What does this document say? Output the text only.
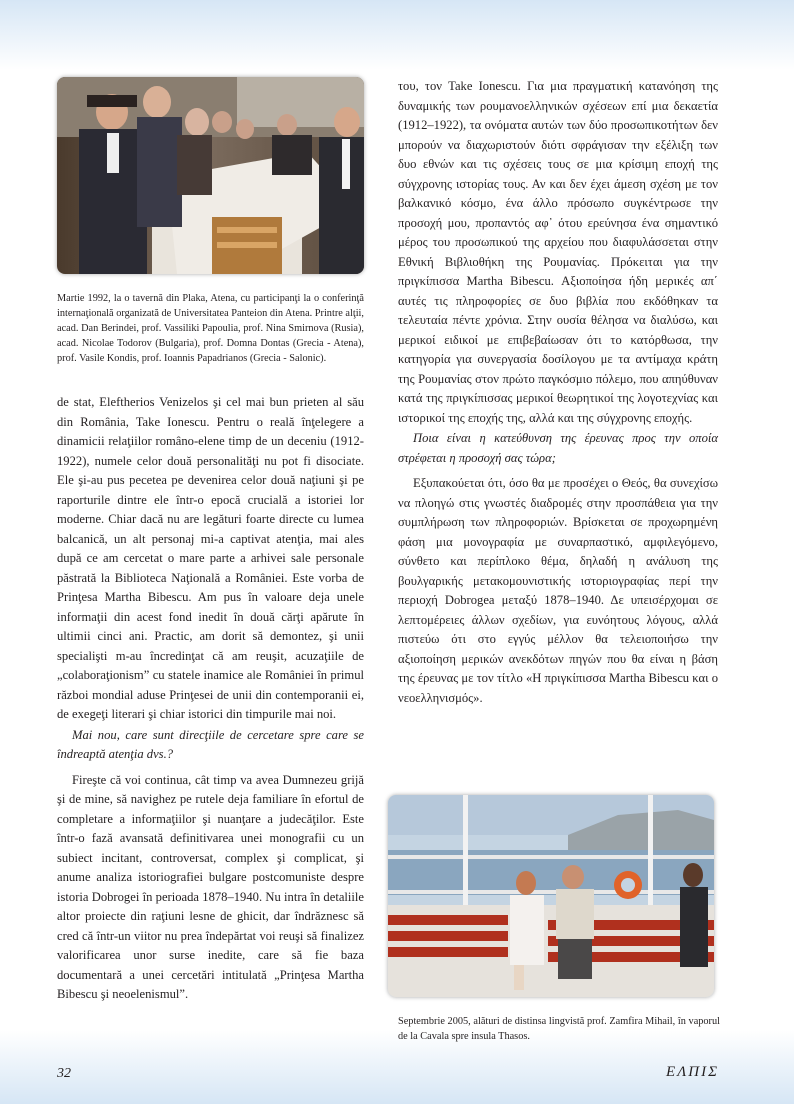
Martie 1992, la o tavernă din Plaka, Atena, cu participanţi la o conferinţă internaţională organizată de Universitatea Panteion din Atena. Printre alţii, acad. Dan Berindei, prof. Vassiliki Papoulia, prof. Nina Smirnova (Rusia), acad. Nicolae Todorov (Bulgaria), prof. Domna Dontas (Grecia - Atena), prof. Vasile Kondis, prof. Ioannis Papadrianos (Grecia - Salonic).

de stat, Eleftherios Venizelos şi cel mai bun prieten al său din România, Take Ionescu. Pentru o reală înţelegere a dinamicii relaţiilor româno-elene timp de un deceniu (1912-1922), numele celor două personalităţi nu pot fi disociate. Ele şi-au pus pecetea pe devenirea celor două naţiuni şi pe raporturile dintre ele într-o epocă crucială a istoriei lor moderne. Chiar dacă nu are legături foarte directe cu lumea balcanică, un alt personaj mi-a captivat atenţia, mai ales după ce am cercetat o mare parte a arhivei sale personale păstrată la Biblioteca Naţională a României. Este vorba de Prinţesa Martha Bibescu. Am pus în valoare deja unele informaţii din acest fond inedit în două cărţi apărute în ultimii cinci ani. Practic, am dorit să demontez, şi unii specialişti m-au încredinţat că am reuşit, acuzaţiile de „colaboraţionism” cu statele inamice ale României în primul război mondial aduse Prinţesei de unii din contemporanii ei, de exegeţi literari şi chiar istorici din timpurile mai noi.

Mai nou, care sunt direcţiile de cercetare spre care se îndreaptă atenţia dvs.?

Fireşte că voi continua, cât timp va avea Dumnezeu grijă şi de mine, să navighez pe rutele deja familiare în efortul de completare a informaţiilor şi nuanţare a judecăţilor. Este într-o fază avansată definitivarea unei monografii cu un subiect incitant, controversat, complex şi complicat, şi anume analiza istoriografiei bulgare postcomuniste despre istoria Dobrogei în perioada 1878–1940. Nu intra în detaliile altor proiecte din raţiuni lesne de ghicit, dar îndrăznesc să cred că într-un viitor nu prea îndepărtat voi reuşi să finalizez valorificarea unor surse inedite, care să fie baza documentară a unei cercetări intitulată „Prinţesa Martha Bibescu şi neoelenismul”.

του, τον Take Ionescu. Για μια πραγματική κατανόηση της δυναμικής των ρουμανοελληνικών σχέσεων επί μια δεκαετία (1912–1922), τα ονόματα αυτών των δύο προσωπικοτήτων δεν μπορούν να διαχωριστούν διότι σφράγισαν την εξέλιξη των δυο εθνών και τις σχέσεις τους σε μια κρίσιμη εποχή της σύγχρονης ιστορίας τους. Αν και δεν έχει άμεση σχέση με τον βαλκανικό κόσμο, ένα άλλο πρόσωπο συγκέντρωσε την προσοχή μου, προπαντός αφ᾽ ότου ερεύνησα ένα σημαντικό μέρος του προσωπικού της αρχείου που διαφυλάσσεται στην Εθνική Βιβλιοθήκη της Ρουμανίας. Πρόκειται για την πριγκίπισσα Martha Bibescu. Αξιοποίησα ήδη μερικές απ΄ αυτές τις πληροφορίες σε δυο βιβλία που εκδόθηκαν τα τελευταία πέντε χρόνια. Στην ουσία θέλησα να διαλύσω, και μερικοί ειδικοί με επιβεβαίωσαν ότι το κατόρθωσα, την κατηγορία για συνεργασία δοσίλογου με τα αντίμαχα κράτη της Ρουμανίας στον πρώτο παγκόσμιο πόλεμο, που απηύθυναν κατά της πριγκίπισσας μερικοί θεωρητικοί της λογοτεχνίας και ιστορικοί της εποχής της, αλλά και της σύγχρονης εποχής.

Ποια είναι η κατεύθυνση της έρευνας προς την οποία στρέφεται η προσοχή σας τώρα;

Εξυπακούεται ότι, όσο θα με προσέχει ο Θεός, θα συνεχίσω να πλοηγώ στις γνωστές διαδρομές στην προσπάθεια για την συμπλήρωση των πληροφοριών. Βρίσκεται σε προχωρημένη φάση μια μονογραφία με συναρπαστικό, αμφιλεγόμενο, σύνθετο και περίπλοκο θέμα, δηλαδή η ανάλυση της βουλγαρικής μετακομουνιστικής ιστοριογραφίας περί την περιοχή Dobrogea μεταξύ 1878–1940. Δε υπεισέρχομαι σε λεπτομέρειες άλλων σχεδίων, για ευνόητους λόγους, αλλά πιστεύω ότι στο εγγύς μέλλον θα τελειοποιήσω την αξιοποίηση μερικών ανεκδότων πηγών που θα είναι η βάση της έρευνας με τον τίτλο «Η πριγκίπισσα Martha Bibescu και ο νεοελληνισμός».

Septembrie 2005, alături de distinsa lingvistă prof. Zamfira Mihail, în vaporul de la Cavala spre insula Thasos.
32	ΕΛΠΙΣ
